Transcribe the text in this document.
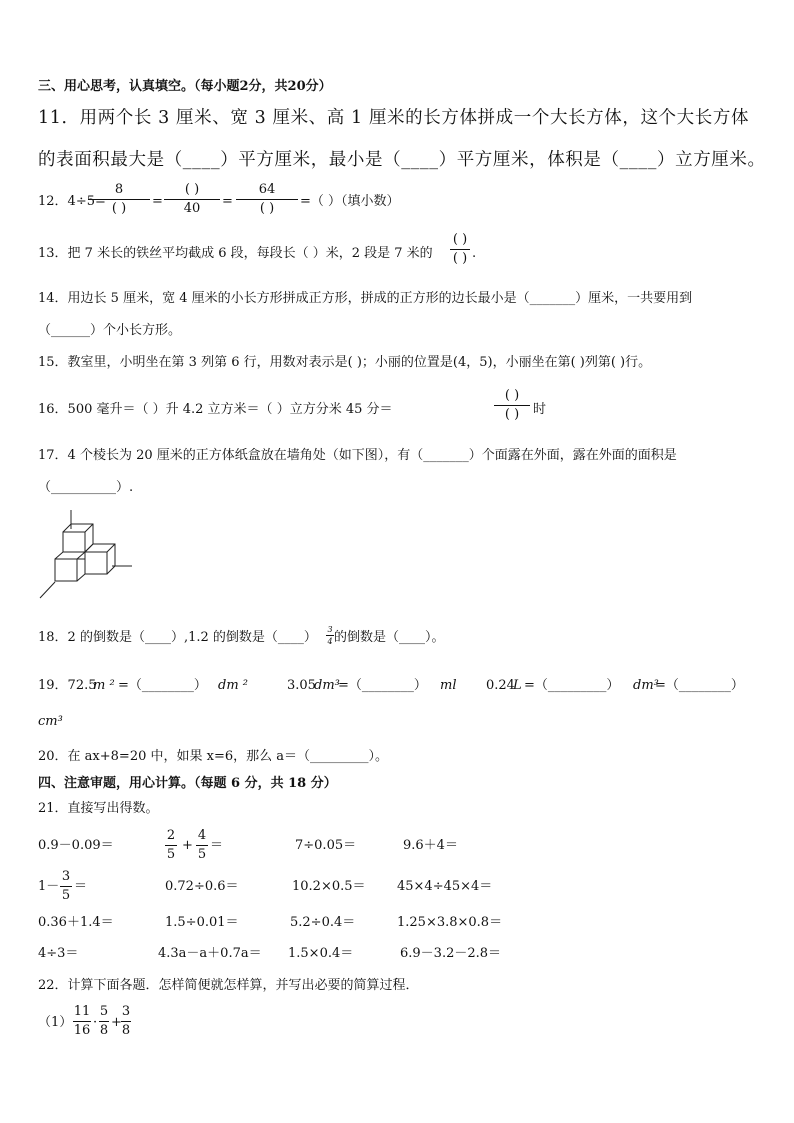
三、用心思考，认真填空。（每小题2分，共20分）
11．用两个长 3 厘米、宽 3 厘米、高 1 厘米的长方体拼成一个大长方体，这个大长方体
的表面积最大是（____）平方厘米，最小是（____）平方厘米，体积是（____）立方厘米。
12．4÷5=
8
( )	=
( )
40	=
64
( )	=（ ）（填小数）
13．把 7 米长的铁丝平均截成 6 段，每段长（ ）米，2 段是 7 米的
( )
( ) .
14．用边长 5 厘米，宽 4 厘米的小长方形拼成正方形，拼成的正方形的边长最小是（_______）厘米，一共要用到
（______）个小长方形。
15．教室里，小明坐在第 3 列第 6 行，用数对表示是( )；小丽的位置是(4，5)，小丽坐在第( )列第( )行。
16．500 毫升＝（ ）升 4.2 立方米＝（ ）立方分米 45 分＝
( )
( )	时
17．4 个棱长为 20 厘米的正方体纸盒放在墙角处（如下图），有（_______）个面露在外面，露在外面的面积是
（__________）.
18．2 的倒数是（____）,1.2 的倒数是（____）
3
4 的倒数是（____）。
19．72.5
m ² =（________） dm ²	3.05
dm³
=（________） ml 0.24
L =（_________） dm³
=（________）
cm³
20．在 ax+8=20 中，如果 x=6，那么 a＝（_________）。
四、注意审题，用心计算。（每题 6 分，共 18 分）
21．直接写出得数。
0.9－0.09＝
2
5
+
4
5
＝	7÷0.05＝	9.6＋4＝
1－
3
5
＝	0.72÷0.6＝	10.2×0.5＝ 45×4÷45×4＝
0.36＋1.4＝	1.5÷0.01＝	5.2÷0.4＝	1.25×3.8×0.8＝
4÷3＝	4.3a－a＋0.7a＝ 1.5×0.4＝	6.9－3.2－2.8＝
22．计算下面各题．怎样简便就怎样算，并写出必要的简算过程．
（1）
11
16
·
5
8
+
3
8
